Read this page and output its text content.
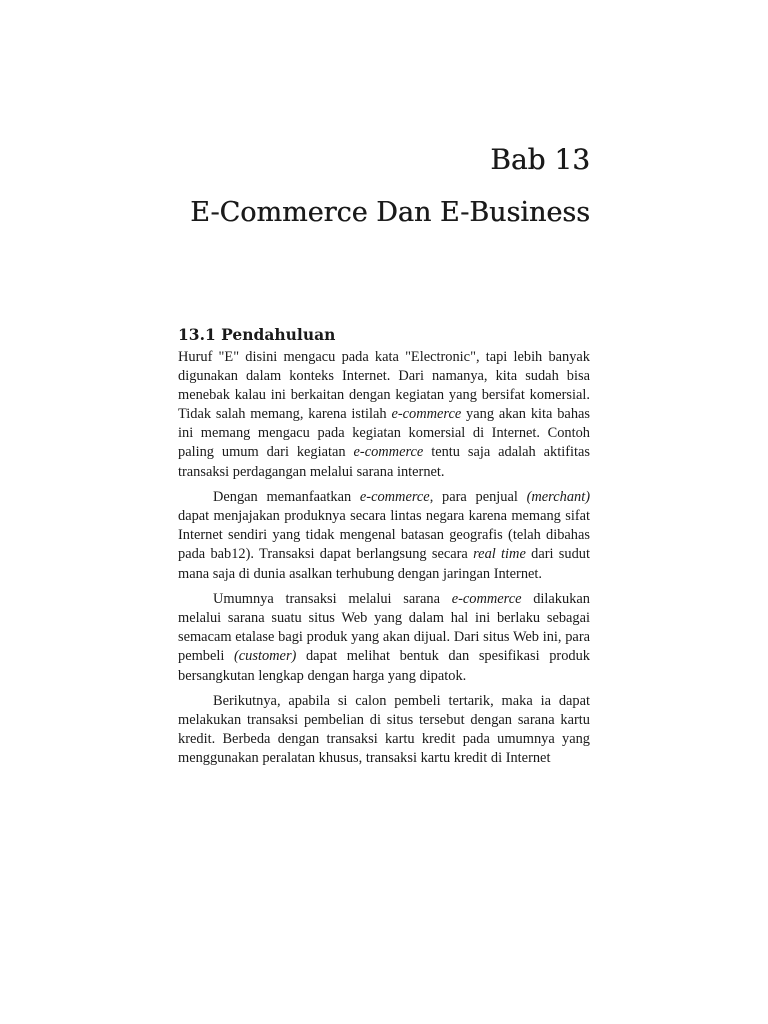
Bab 13
E-Commerce Dan E-Business
13.1 Pendahuluan

Huruf "E" disini mengacu pada kata "Electronic", tapi lebih banyak digunakan dalam konteks Internet. Dari namanya, kita sudah bisa menebak kalau ini berkaitan dengan kegiatan yang bersifat komersial. Tidak salah memang, karena istilah e-commerce yang akan kita bahas ini memang mengacu pada kegiatan komersial di Internet. Contoh paling umum dari kegiatan e-commerce tentu saja adalah aktifitas transaksi perdagangan melalui sarana internet.

Dengan memanfaatkan e-commerce, para penjual (merchant) dapat menjajakan produknya secara lintas negara karena memang sifat Internet sendiri yang tidak mengenal batasan geografis (telah dibahas pada bab12). Transaksi dapat berlangsung secara real time dari sudut mana saja di dunia asalkan terhubung dengan jaringan Internet.

Umumnya transaksi melalui sarana e-commerce dilakukan melalui sarana suatu situs Web yang dalam hal ini berlaku sebagai semacam etalase bagi produk yang akan dijual. Dari situs Web ini, para pembeli (customer) dapat melihat bentuk dan spesifikasi produk bersangkutan lengkap dengan harga yang dipatok.

Berikutnya, apabila si calon pembeli tertarik, maka ia dapat melakukan transaksi pembelian di situs tersebut dengan sarana kartu kredit. Berbeda dengan transaksi kartu kredit pada umumnya yang menggunakan peralatan khusus, transaksi kartu kredit di Internet
